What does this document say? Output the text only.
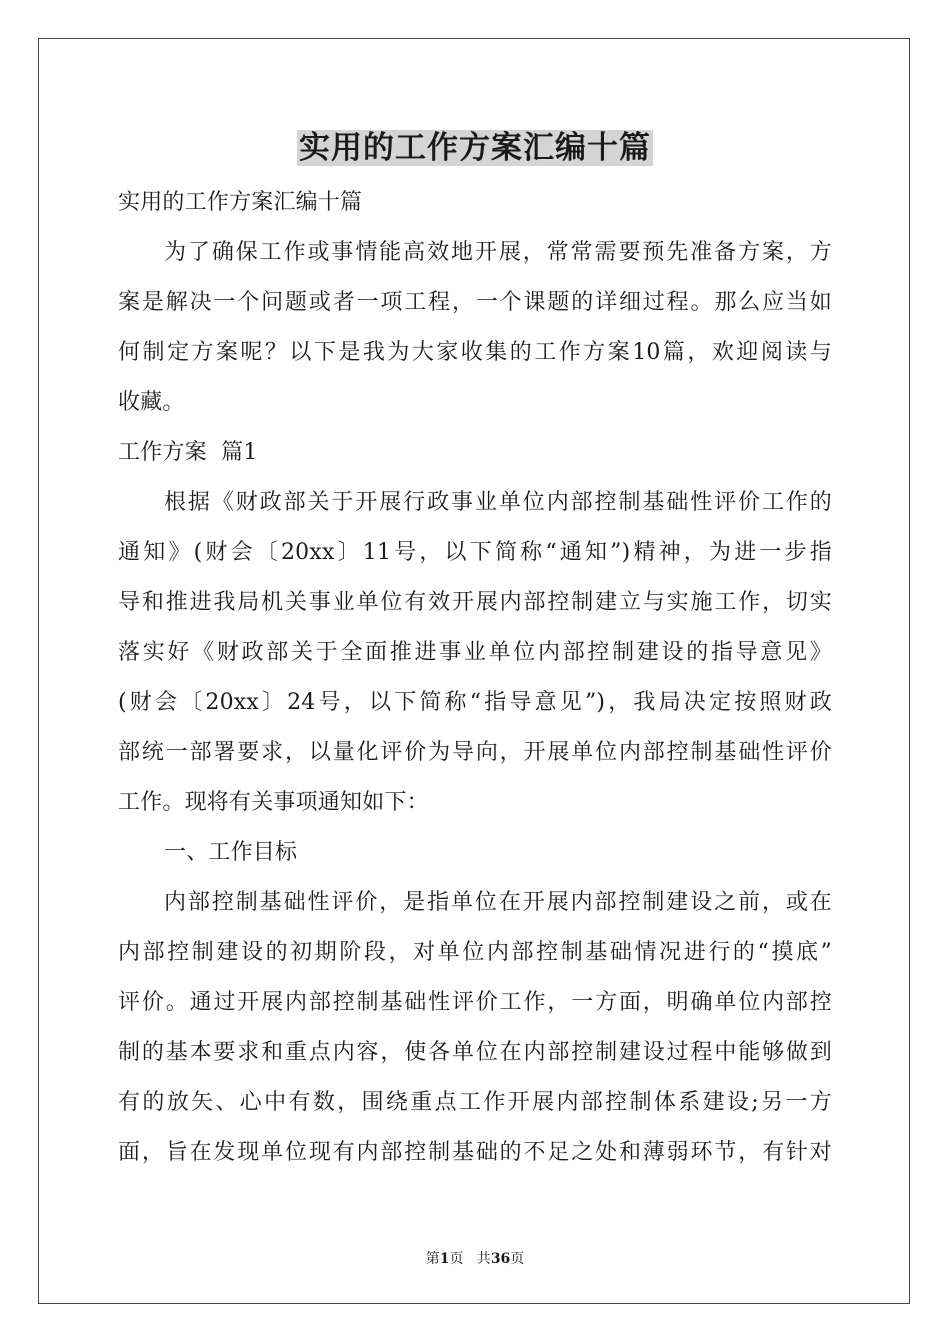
实用的工作方案汇编十篇
实用的工作方案汇编十篇
为了确保工作或事情能高效地开展，常常需要预先准备方案，方
案是解决一个问题或者一项工程，一个课题的详细过程。那么应当如
何制定方案呢？以下是我为大家收集的工作方案10篇，欢迎阅读与
收藏。
工作方案  篇1
根据《财政部关于开展行政事业单位内部控制基础性评价工作的
通知》(财会〔20xx〕11号，以下简称“通知”)精神，为进一步指
导和推进我局机关事业单位有效开展内部控制建立与实施工作，切实
落实好《财政部关于全面推进事业单位内部控制建设的指导意见》
(财会〔20xx〕24号，以下简称“指导意见”)，我局决定按照财政
部统一部署要求，以量化评价为导向，开展单位内部控制基础性评价
工作。现将有关事项通知如下：
一、工作目标
内部控制基础性评价，是指单位在开展内部控制建设之前，或在
内部控制建设的初期阶段，对单位内部控制基础情况进行的“摸底”
评价。通过开展内部控制基础性评价工作，一方面，明确单位内部控
制的基本要求和重点内容，使各单位在内部控制建设过程中能够做到
有的放矢、心中有数，围绕重点工作开展内部控制体系建设;另一方
面，旨在发现单位现有内部控制基础的不足之处和薄弱环节，有针对
第1页   共36页
